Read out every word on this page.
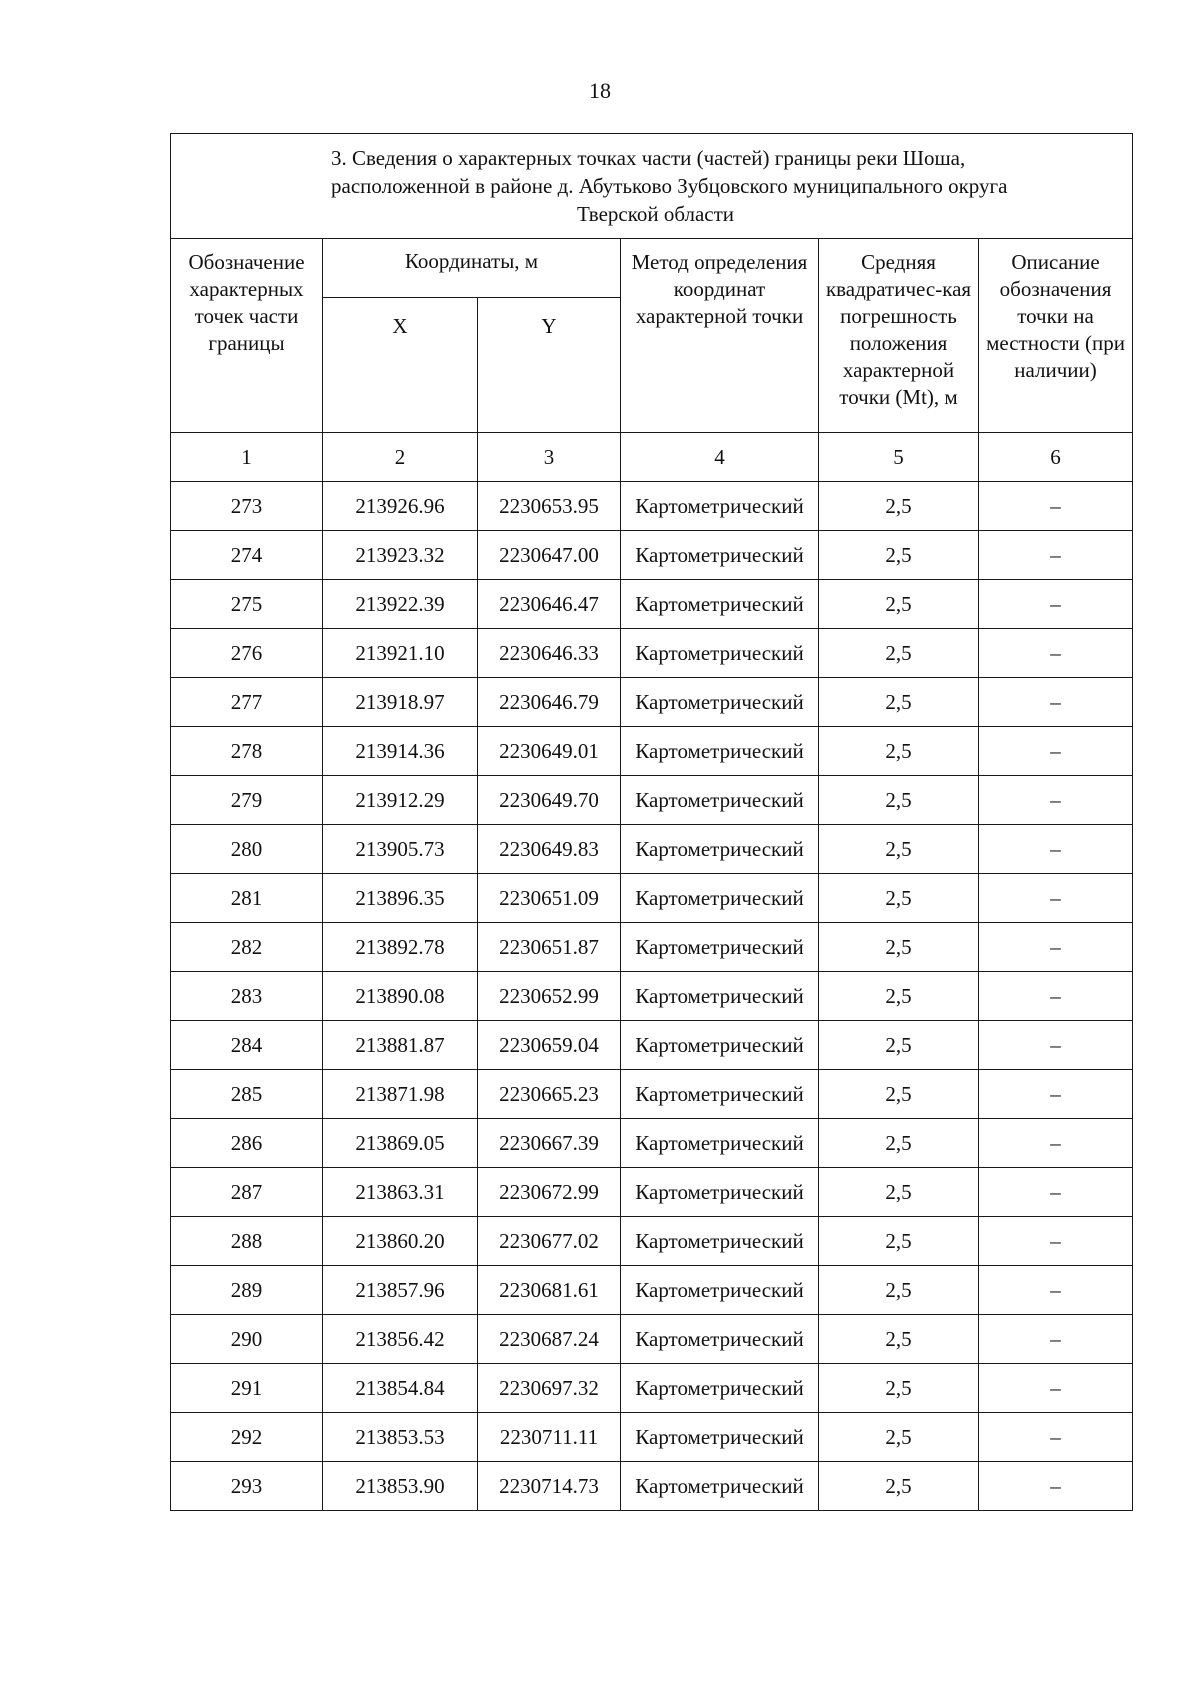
18
3. Сведения о характерных точках части (частей) границы реки Шоша,
расположенной в районе д. Абутьково Зубцовского муниципального округа
Тверской области					

Обозначение характерных точек части границы	Координаты, м		Метод определения координат характерной точки	Средняя квадратичес-кая погрешность положения характерной точки (Mt), м	Описание обозначения точки на местности (при наличии)
	X	Y			
1	2	3	4	5	6
273	213926.96	2230653.95	Картометрический	2,5	–
274	213923.32	2230647.00	Картометрический	2,5	–
275	213922.39	2230646.47	Картометрический	2,5	–
276	213921.10	2230646.33	Картометрический	2,5	–
277	213918.97	2230646.79	Картометрический	2,5	–
278	213914.36	2230649.01	Картометрический	2,5	–
279	213912.29	2230649.70	Картометрический	2,5	–
280	213905.73	2230649.83	Картометрический	2,5	–
281	213896.35	2230651.09	Картометрический	2,5	–
282	213892.78	2230651.87	Картометрический	2,5	–
283	213890.08	2230652.99	Картометрический	2,5	–
284	213881.87	2230659.04	Картометрический	2,5	–
285	213871.98	2230665.23	Картометрический	2,5	–
286	213869.05	2230667.39	Картометрический	2,5	–
287	213863.31	2230672.99	Картометрический	2,5	–
288	213860.20	2230677.02	Картометрический	2,5	–
289	213857.96	2230681.61	Картометрический	2,5	–
290	213856.42	2230687.24	Картометрический	2,5	–
291	213854.84	2230697.32	Картометрический	2,5	–
292	213853.53	2230711.11	Картометрический	2,5	–
293	213853.90	2230714.73	Картометрический	2,5	–
